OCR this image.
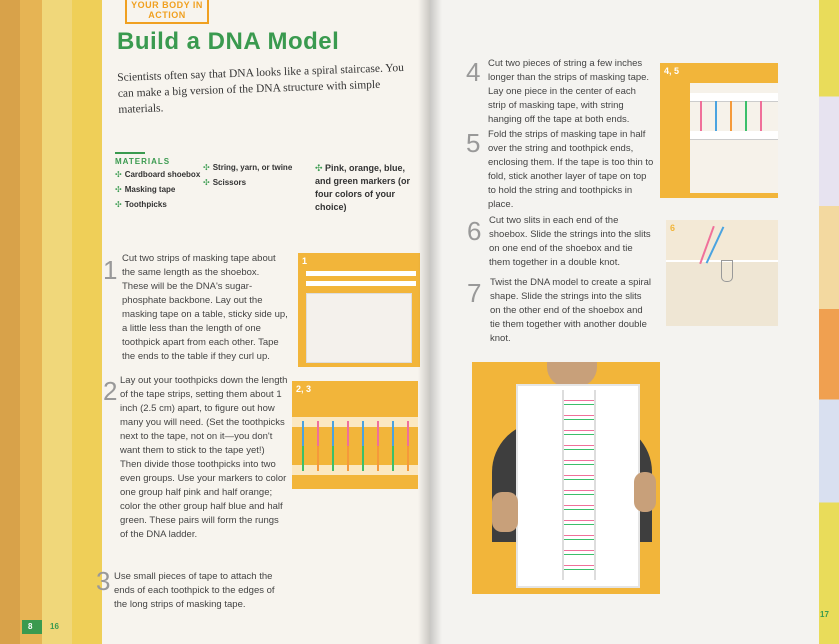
YOUR BODY IN ACTION
Build a DNA Model
Scientists often say that DNA looks like a spiral staircase. You can make a big version of the DNA structure with simple materials.
MATERIALS
✣ Cardboard shoebox
✣ Masking tape
✣ Toothpicks
✣ String, yarn, or twine
✣ Scissors
✣ Pink, orange, blue, and green markers (or four colors of your choice)
1 Cut two strips of masking tape about the same length as the shoebox. These will be the DNA's sugar-phosphate backbone. Lay out the masking tape on a table, sticky side up, a little less than the length of one toothpick apart from each other. Tape the ends to the table if they curl up.
2 Lay out your toothpicks down the length of the tape strips, setting them about 1 inch (2.5 cm) apart, to figure out how many you will need. (Set the toothpicks next to the tape, not on it—you don't want them to stick to the tape yet!) Then divide those toothpicks into two even groups. Use your markers to color one group half pink and half orange; color the other group half blue and half green. These pairs will form the rungs of the DNA ladder.
3 Use small pieces of tape to attach the ends of each toothpick to the edges of the long strips of masking tape.
1
2, 3
8 16
4 Cut two pieces of string a few inches longer than the strips of masking tape. Lay one piece in the center of each strip of masking tape, with string hanging off the tape at both ends.
5 Fold the strips of masking tape in half over the string and toothpick ends, enclosing them. If the tape is too thin to fold, stick another layer of tape on top to hold the string and toothpicks in place.
6 Cut two slits in each end of the shoebox. Slide the strings into the slits on one end of the shoebox and tie them together in a double knot.
7 Twist the DNA model to create a spiral shape. Slide the strings into the slits on the other end of the shoebox and tie them together with another double knot.
4, 5
6
17
